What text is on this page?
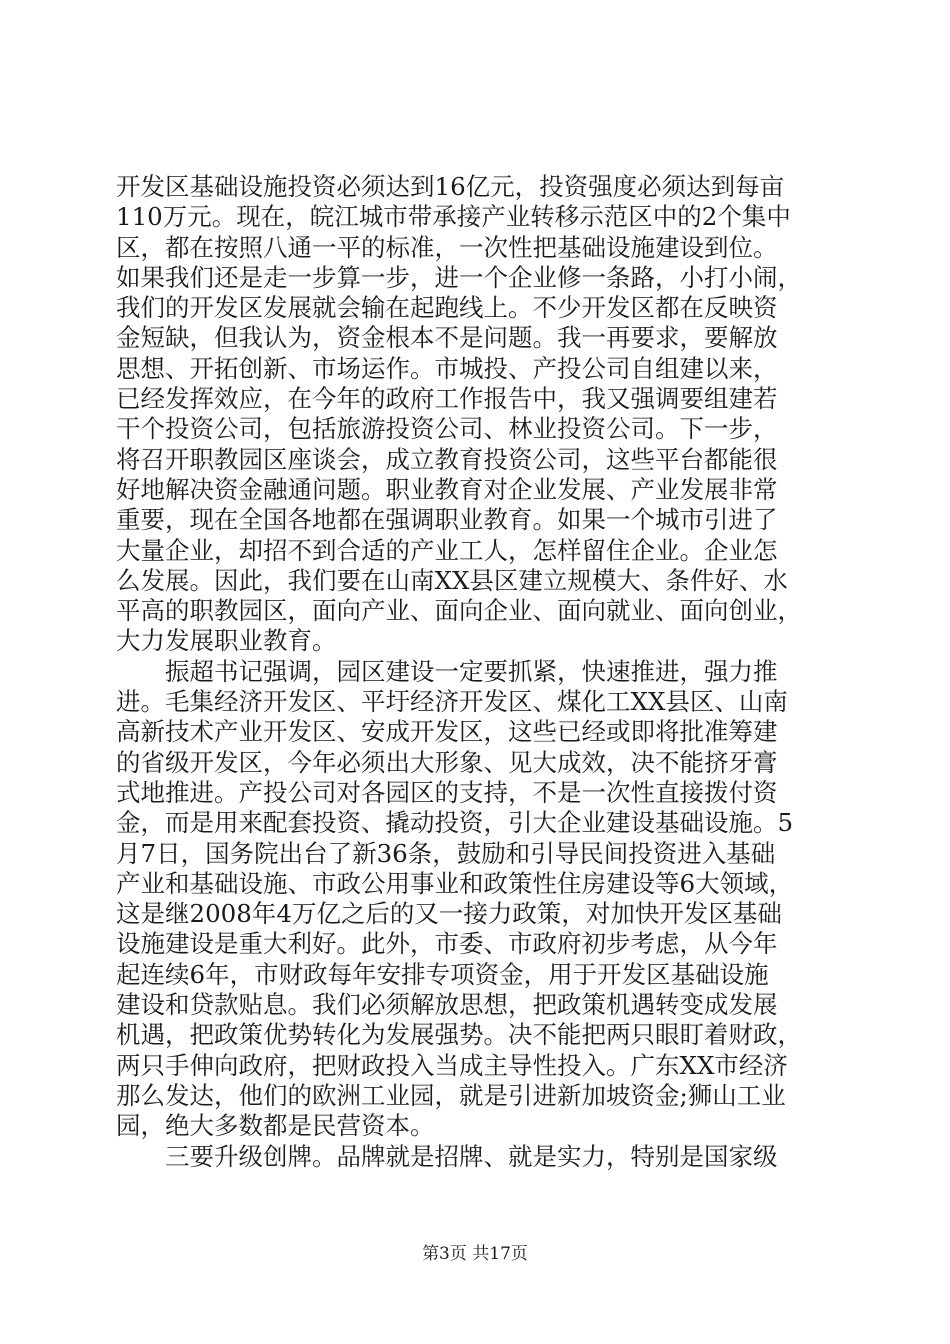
开发区基础设施投资必须达到16亿元，投资强度必须达到每亩
110万元。现在，皖江城市带承接产业转移示范区中的2个集中
区，都在按照八通一平的标准，一次性把基础设施建设到位。
如果我们还是走一步算一步，进一个企业修一条路，小打小闹，
我们的开发区发展就会输在起跑线上。不少开发区都在反映资
金短缺，但我认为，资金根本不是问题。我一再要求，要解放
思想、开拓创新、市场运作。市城投、产投公司自组建以来，
已经发挥效应，在今年的政府工作报告中，我又强调要组建若
干个投资公司，包括旅游投资公司、林业投资公司。下一步，
将召开职教园区座谈会，成立教育投资公司，这些平台都能很
好地解决资金融通问题。职业教育对企业发展、产业发展非常
重要，现在全国各地都在强调职业教育。如果一个城市引进了
大量企业，却招不到合适的产业工人，怎样留住企业。企业怎
么发展。因此，我们要在山南XX县区建立规模大、条件好、水
平高的职教园区，面向产业、面向企业、面向就业、面向创业，
大力发展职业教育。
　　振超书记强调，园区建设一定要抓紧，快速推进，强力推
进。毛集经济开发区、平圩经济开发区、煤化工XX县区、山南
高新技术产业开发区、安成开发区，这些已经或即将批准筹建
的省级开发区，今年必须出大形象、见大成效，决不能挤牙膏
式地推进。产投公司对各园区的支持，不是一次性直接拨付资
金，而是用来配套投资、撬动投资，引大企业建设基础设施。5
月7日，国务院出台了新36条，鼓励和引导民间投资进入基础
产业和基础设施、市政公用事业和政策性住房建设等6大领域，
这是继2008年4万亿之后的又一接力政策，对加快开发区基础
设施建设是重大利好。此外，市委、市政府初步考虑，从今年
起连续6年，市财政每年安排专项资金，用于开发区基础设施
建设和贷款贴息。我们必须解放思想，把政策机遇转变成发展
机遇，把政策优势转化为发展强势。决不能把两只眼盯着财政，
两只手伸向政府，把财政投入当成主导性投入。广东XX市经济
那么发达，他们的欧洲工业园，就是引进新加坡资金;狮山工业
园，绝大多数都是民营资本。
　　三要升级创牌。品牌就是招牌、就是实力，特别是国家级
第3页 共17页
